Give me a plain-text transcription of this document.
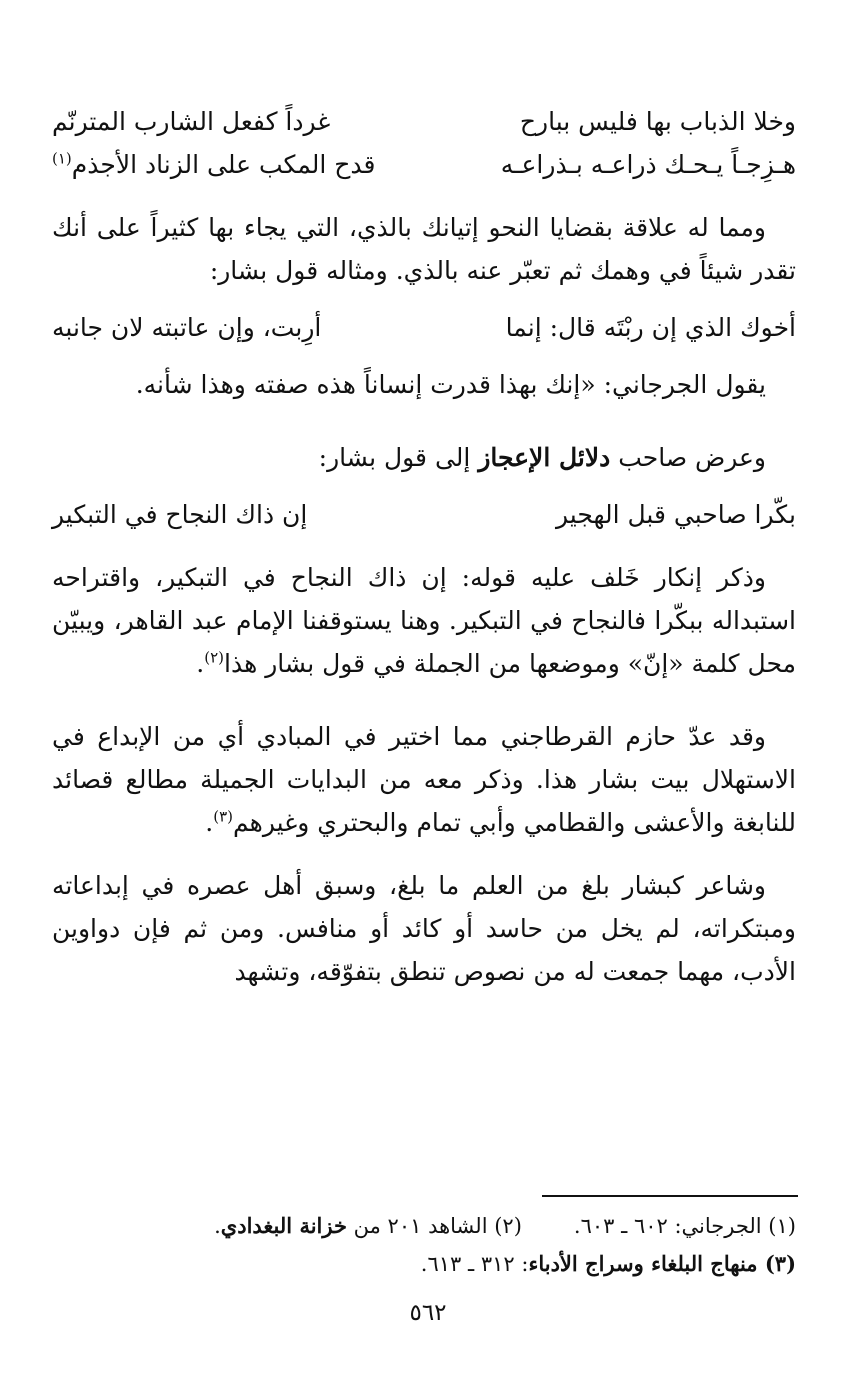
وخلا الذباب بها فليس ببارح
غرداً كفعل الشارب المترنّم
هـزِجـاً يـحـك ذراعـه بـذراعـه
قدح المكب على الزناد الأجذم$^{(١)}$

ومما له علاقة بقضايا النحو إتيانك بالذي، التي يجاء بها كثيراً على أنك تقدر شيئاً في وهمك ثم تعبّر عنه بالذي. ومثاله قول بشار:

أخوك الذي إن ربْتَه قال: إنما
أرِبت، وإن عاتبته لان جانبه

يقول الجرجاني: «إنك بهذا قدرت إنساناً هذه صفته وهذا شأنه.

وعرض صاحب دلائل الإعجاز إلى قول بشار:

بكّرا صاحبي قبل الهجير
إن ذاك النجاح في التبكير

وذكر إنكار خَلف عليه قوله: إن ذاك النجاح في التبكير، واقتراحه استبداله ببكّرا فالنجاح في التبكير. وهنا يستوقفنا الإمام عبد القاهر، ويبيّن محل كلمة «إنّ» وموضعها من الجملة في قول بشار هذا$^{(٢)}$.

وقد عدّ حازم القرطاجني مما اختير في المبادي أي من الإبداع في الاستهلال بيت بشار هذا. وذكر معه من البدايات الجميلة مطالع قصائد للنابغة والأعشى والقطامي وأبي تمام والبحتري وغيرهم$^{(٣)}$.

وشاعر كبشار بلغ من العلم ما بلغ، وسبق أهل عصره في إبداعاته ومبتكراته، لم يخل من حاسد أو كائد أو منافس. ومن ثم فإن دواوين الأدب، مهما جمعت له من نصوص تنطق بتفوّقه، وتشهد

(١) الجرجاني: ٦٠٢ ـ ٦٠٣.
(٢) الشاهد ٢٠١ من خزانة البغدادي.
(٣) منهاج البلغاء وسراج الأدباء: ٣١٢ ـ ٦١٣.
٥٦٢
